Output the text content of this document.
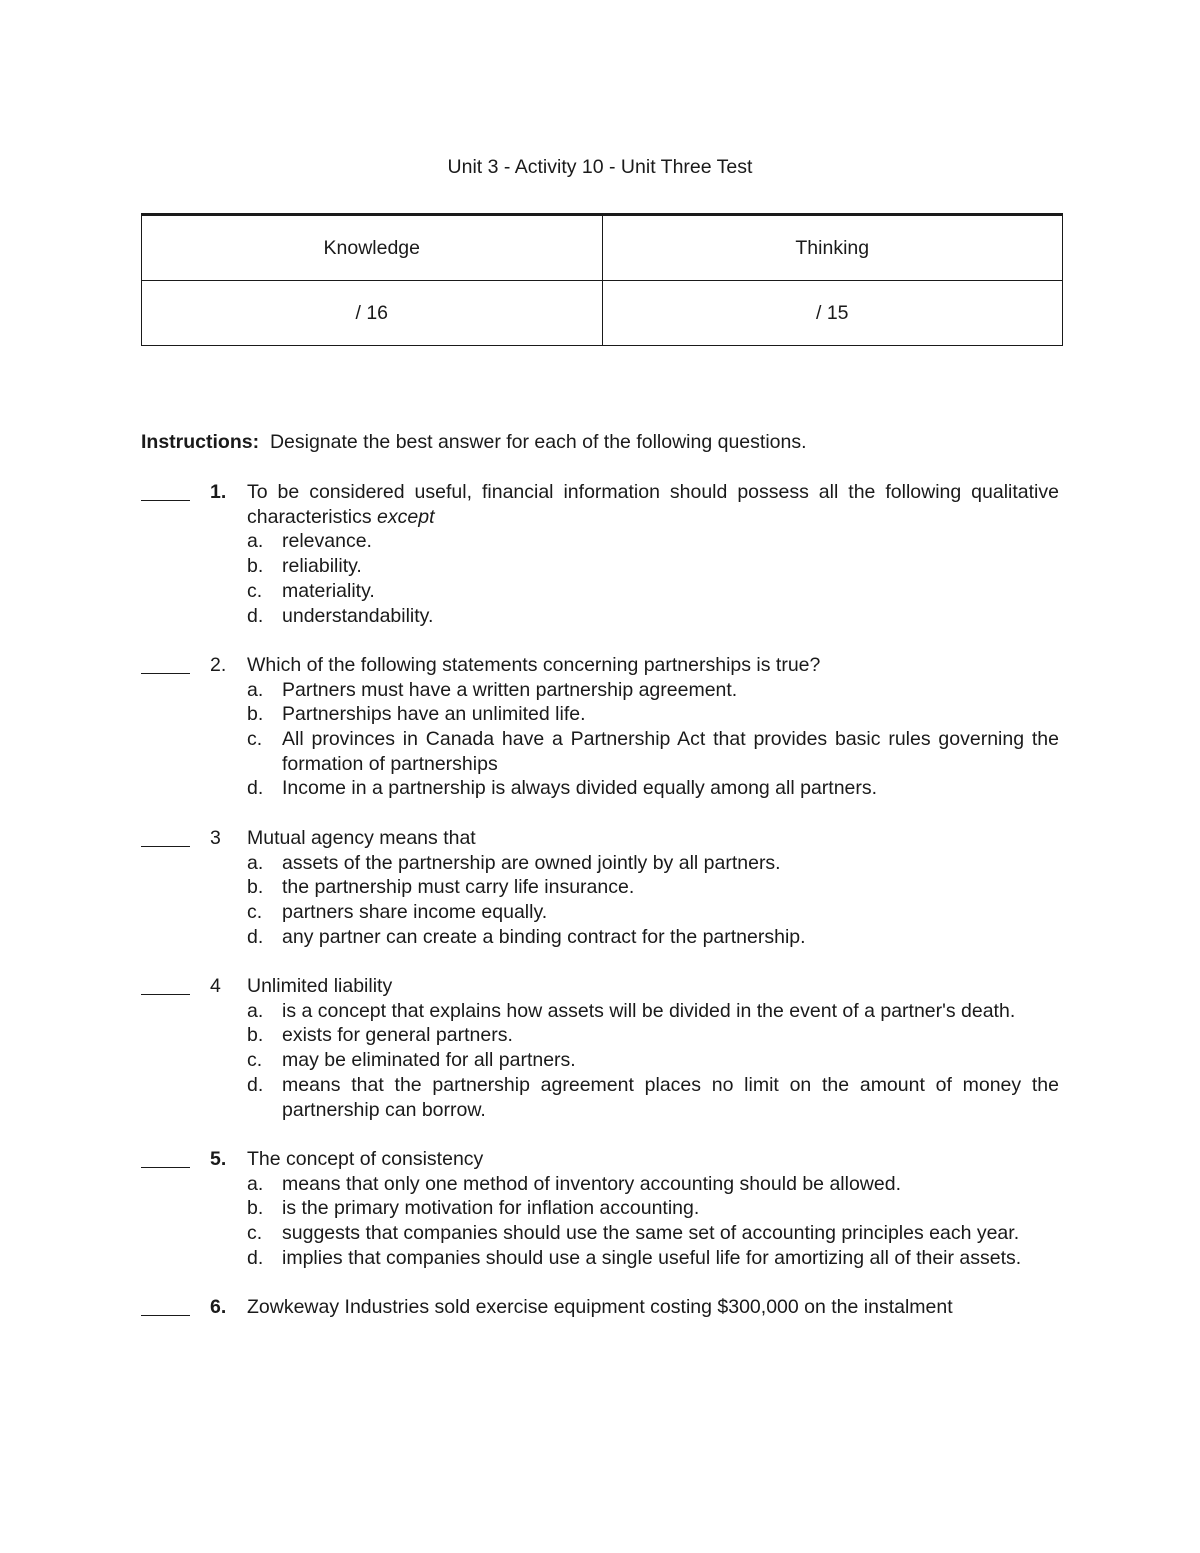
Unit 3 - Activity 10 - Unit Three Test
Knowledge	Thinking
/ 16	/ 15
Instructions: Designate the best answer for each of the following questions.
1. To be considered useful, financial information should possess all the following qualitative characteristics except
a. relevance.
b. reliability.
c. materiality.
d. understandability.
2. Which of the following statements concerning partnerships is true?
a. Partners must have a written partnership agreement.
b. Partnerships have an unlimited life.
c. All provinces in Canada have a Partnership Act that provides basic rules governing the formation of partnerships
d. Income in a partnership is always divided equally among all partners.
3 Mutual agency means that
a. assets of the partnership are owned jointly by all partners.
b. the partnership must carry life insurance.
c. partners share income equally.
d. any partner can create a binding contract for the partnership.
4 Unlimited liability
a. is a concept that explains how assets will be divided in the event of a partner's death.
b. exists for general partners.
c. may be eliminated for all partners.
d. means that the partnership agreement places no limit on the amount of money the partnership can borrow.
5. The concept of consistency
a. means that only one method of inventory accounting should be allowed.
b. is the primary motivation for inflation accounting.
c. suggests that companies should use the same set of accounting principles each year.
d. implies that companies should use a single useful life for amortizing all of their assets.
6. Zowkeway Industries sold exercise equipment costing $300,000 on the instalment
